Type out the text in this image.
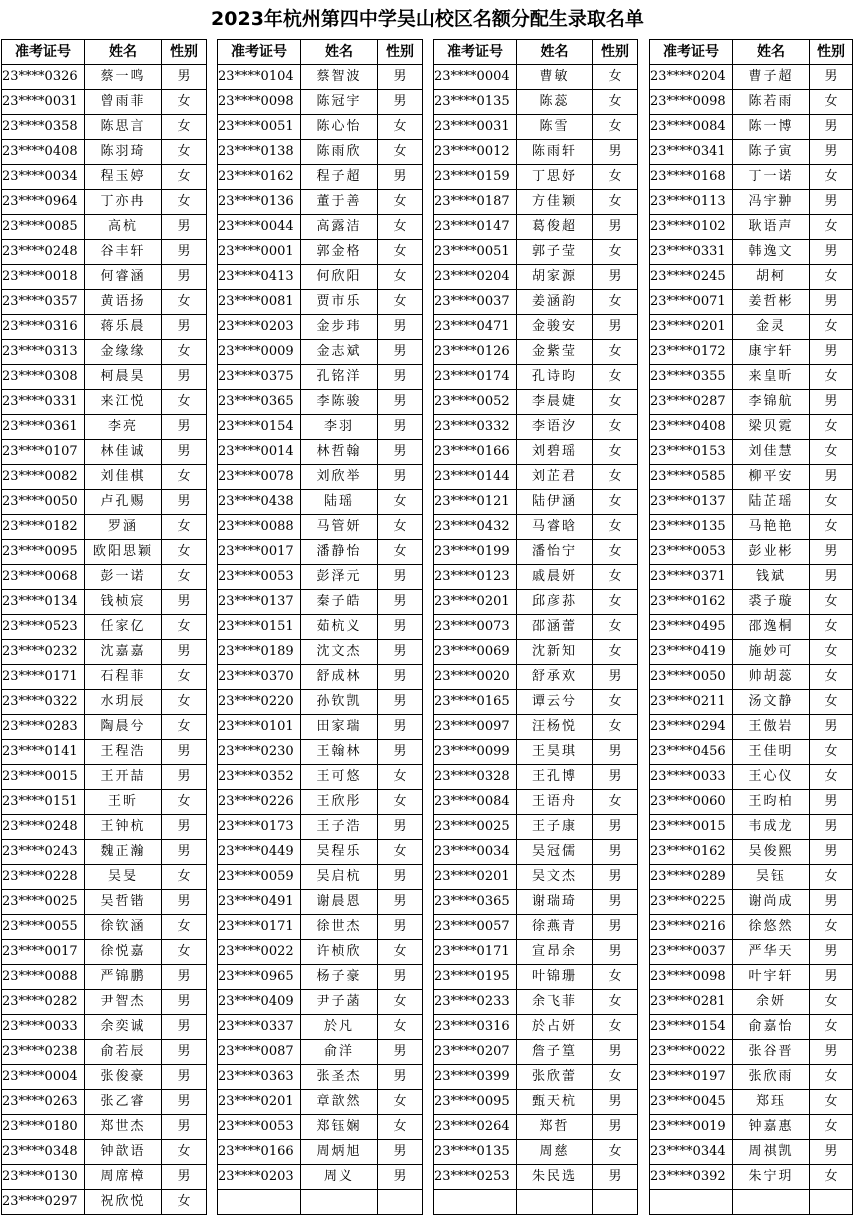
2023年杭州第四中学吴山校区名额分配生录取名单
准考证号	姓名	性别
23****0326	蔡一鸣	男
23****0031	曾雨菲	女
23****0358	陈思言	女
23****0408	陈羽琦	女
23****0034	程玉婷	女
23****0964	丁亦冉	女
23****0085	高杭	男
23****0248	谷丰轩	男
23****0018	何睿涵	男
23****0357	黄语扬	女
23****0316	蒋乐晨	男
23****0313	金缘缘	女
23****0308	柯晨昊	男
23****0331	来江悦	女
23****0361	李亮	男
23****0107	林佳诚	男
23****0082	刘佳棋	女
23****0050	卢孔赐	男
23****0182	罗涵	女
23****0095	欧阳思颖	女
23****0068	彭一诺	女
23****0134	钱桢宸	男
23****0523	任家亿	女
23****0232	沈嘉嘉	男
23****0171	石程菲	女
23****0322	水玥辰	女
23****0283	陶晨兮	女
23****0141	王程浩	男
23****0015	王开喆	男
23****0151	王昕	女
23****0248	王钟杭	男
23****0243	魏正瀚	男
23****0228	吴旻	女
23****0025	吴哲锴	男
23****0055	徐钦涵	女
23****0017	徐悦嘉	女
23****0088	严锦鹏	男
23****0282	尹智杰	男
23****0033	余奕诚	男
23****0238	俞若辰	男
23****0004	张俊豪	男
23****0263	张乙睿	男
23****0180	郑世杰	男
23****0348	钟歆语	女
23****0130	周席樟	男
23****0297	祝欣悦	女
准考证号	姓名	性别
23****0104	蔡智波	男
23****0098	陈冠宇	男
23****0051	陈心怡	女
23****0138	陈雨欣	女
23****0162	程子超	男
23****0136	董于善	女
23****0044	高露洁	女
23****0001	郭金格	女
23****0413	何欣阳	女
23****0081	贾市乐	女
23****0203	金步玮	男
23****0009	金志斌	男
23****0375	孔铭洋	男
23****0365	李陈骏	男
23****0154	李羽	男
23****0014	林哲翰	男
23****0078	刘欣举	男
23****0438	陆瑶	女
23****0088	马管妍	女
23****0017	潘静怡	女
23****0053	彭泽元	男
23****0137	秦子皓	男
23****0151	茹杭义	男
23****0189	沈文杰	男
23****0370	舒成林	男
23****0220	孙钦凯	男
23****0101	田家瑞	男
23****0230	王翰林	男
23****0352	王可悠	女
23****0226	王欣彤	女
23****0173	王子浩	男
23****0449	吴程乐	女
23****0059	吴启杭	男
23****0491	谢晨恩	男
23****0171	徐世杰	男
23****0022	许桢欣	女
23****0965	杨子豪	男
23****0409	尹子菡	女
23****0337	於凡	女
23****0087	俞洋	男
23****0363	张圣杰	男
23****0201	章歆然	女
23****0053	郑钰娴	女
23****0166	周炳旭	男
23****0203	周义	男

准考证号	姓名	性别
23****0004	曹敏	女
23****0135	陈蕊	女
23****0031	陈雪	女
23****0012	陈雨轩	男
23****0159	丁思妤	女
23****0187	方佳颖	女
23****0147	葛俊超	男
23****0051	郭子莹	女
23****0204	胡家源	男
23****0037	姜涵韵	女
23****0471	金骏安	男
23****0126	金紫莹	女
23****0174	孔诗昀	女
23****0052	李晨婕	女
23****0332	李语汐	女
23****0166	刘碧瑶	女
23****0144	刘芷君	女
23****0121	陆伊涵	女
23****0432	马睿晗	女
23****0199	潘怡宁	女
23****0123	戚晨妍	女
23****0201	邱彦荪	女
23****0073	邵涵蕾	女
23****0069	沈新知	女
23****0020	舒承欢	男
23****0165	谭云兮	女
23****0097	汪杨悦	女
23****0099	王昊琪	男
23****0328	王孔博	男
23****0084	王语舟	女
23****0025	王子康	男
23****0034	吴冠儒	男
23****0201	吴文杰	男
23****0365	谢瑞琦	男
23****0057	徐燕青	男
23****0171	宣昂余	男
23****0195	叶锦珊	女
23****0233	余飞菲	女
23****0316	於占妍	女
23****0207	詹子篁	男
23****0399	张欣蕾	女
23****0095	甄天杭	男
23****0264	郑哲	男
23****0135	周慈	女
23****0253	朱民选	男

准考证号	姓名	性别
23****0204	曹子超	男
23****0098	陈若雨	女
23****0084	陈一博	男
23****0341	陈子寅	男
23****0168	丁一诺	女
23****0113	冯宇翀	男
23****0102	耿语声	女
23****0331	韩逸文	男
23****0245	胡柯	女
23****0071	姜哲彬	男
23****0201	金灵	女
23****0172	康宇轩	男
23****0355	来皇昕	女
23****0287	李锦航	男
23****0408	梁贝霓	女
23****0153	刘佳慧	女
23****0585	柳平安	男
23****0137	陆芷瑶	女
23****0135	马艳艳	女
23****0053	彭业彬	男
23****0371	钱斌	男
23****0162	裘子璇	女
23****0495	邵逸桐	女
23****0419	施妙可	女
23****0050	帅胡蕊	女
23****0211	汤文静	女
23****0294	王傲岩	男
23****0456	王佳明	女
23****0033	王心仪	女
23****0060	王昀柏	男
23****0015	韦成龙	男
23****0162	吴俊熙	男
23****0289	吴钰	女
23****0225	谢尚成	男
23****0216	徐悠然	女
23****0037	严华天	男
23****0098	叶宇轩	男
23****0281	余妍	女
23****0154	俞嘉怡	女
23****0022	张谷晋	男
23****0197	张欣雨	女
23****0045	郑珏	女
23****0019	钟嘉惠	女
23****0344	周祺凯	男
23****0392	朱宁玥	女
